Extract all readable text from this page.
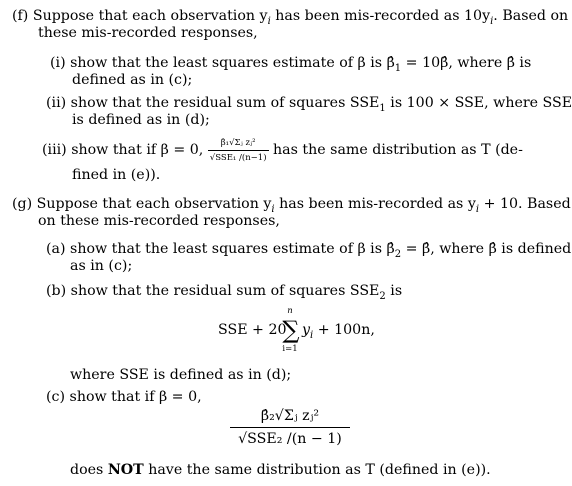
(f) Suppose that each observation $y_i$ has been mis-recorded as $10y_i$. Based on
these mis-recorded responses,
(i) show that the least squares estimate of β is $\betâ_1$ = 10β̂, where β̂ is
defined as in (c);
(ii) show that the residual sum of squares $SSE_1$ is 100 × SSE, where SSE
is defined as in (d);
(iii) show that if β = 0, $\frac{\text{β̂₁√Σⱼ zⱼ²}}{\text{√SSE₁ /(n−1)}}$ has the same distribution as T (de-
fined in (e)).
(g) Suppose that each observation $y_i$ has been mis-recorded as $y_i + 10$. Based
on these mis-recorded responses,
(a) show that the least squares estimate of β is $\betâ_2$ = β̂, where β̂ is defined
as in (c);
(b) show that the residual sum of squares $SSE_2$ is
SSE + 20
n
∑
i=1
$y_i + 100n$,
where SSE is defined as in (d);
(c) show that if β = 0,
β̂₂√Σⱼ zⱼ²
√SSE₂ /(n − 1)
does NOT have the same distribution as T (defined in (e)).
